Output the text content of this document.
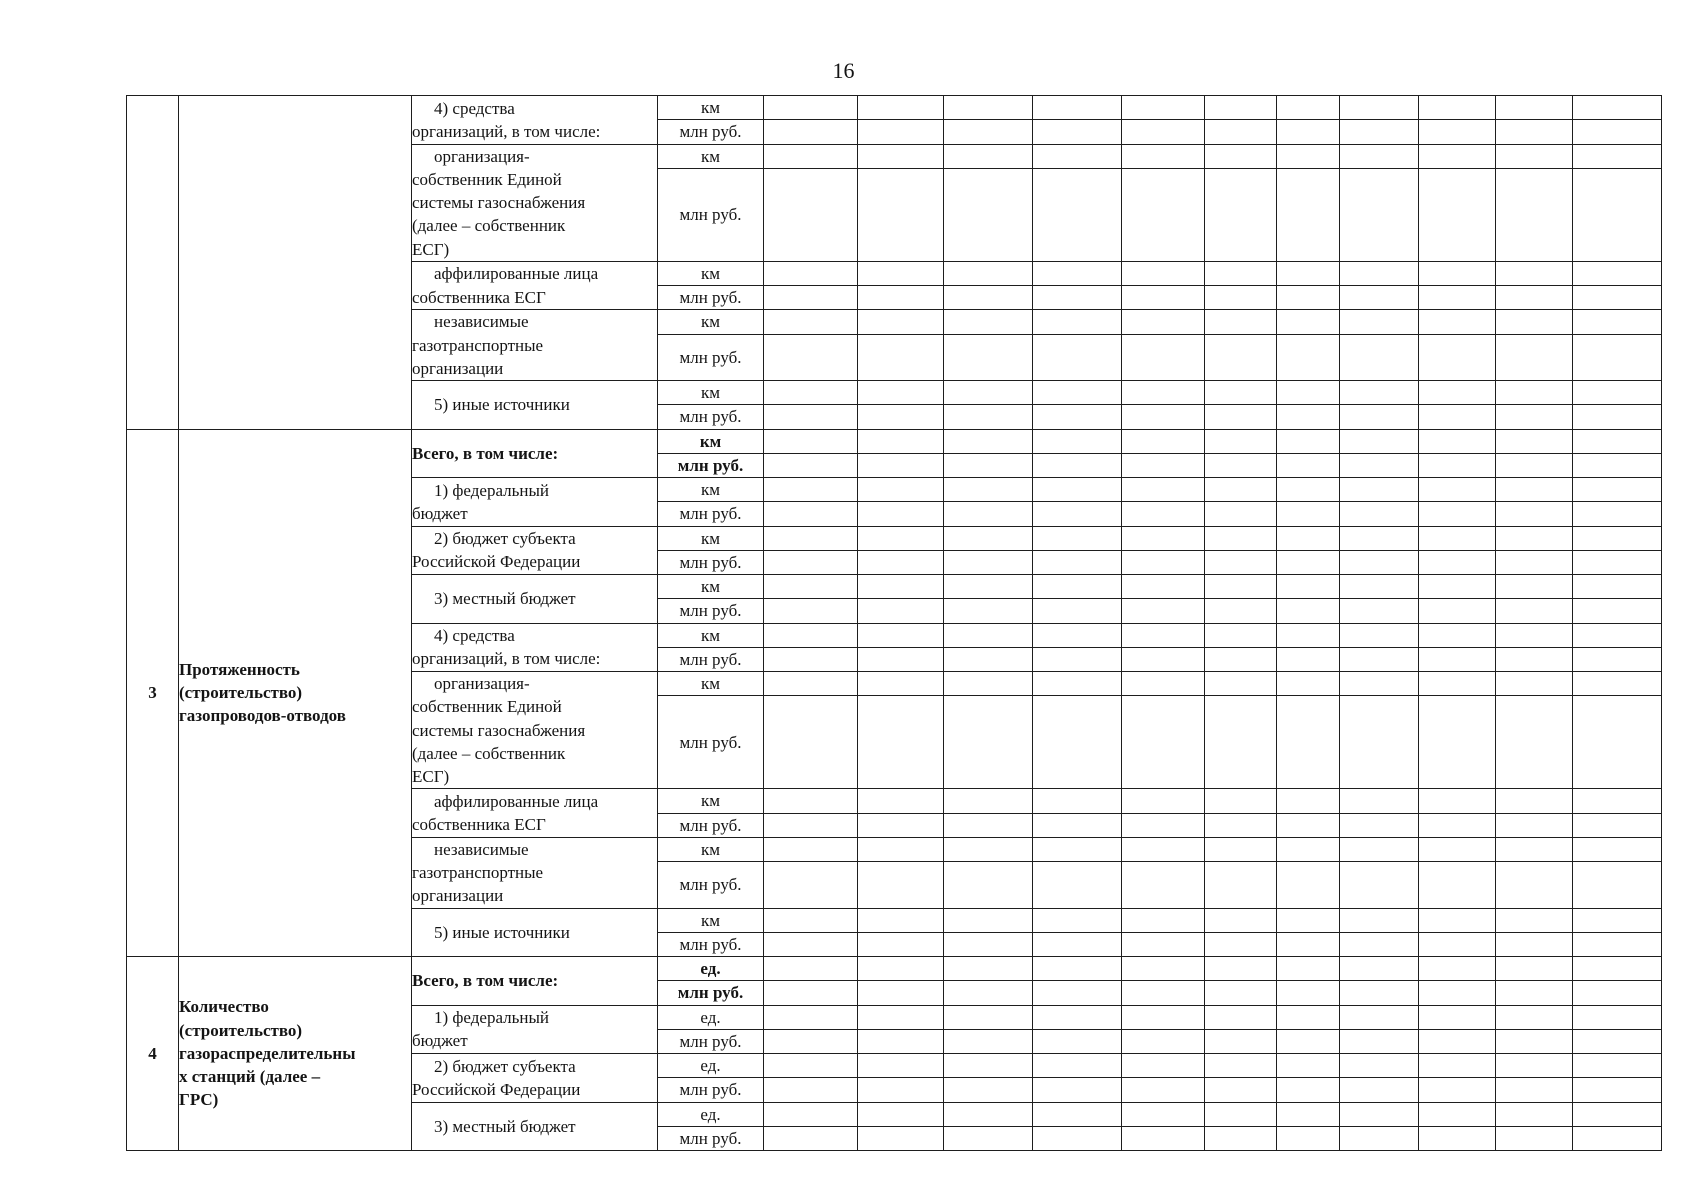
16
		4) средства
организаций, в том числе:	км											
			млн руб.											
		организация-
собственник Единой
системы газоснабжения
(далее – собственник
ЕСГ)	км											
			млн руб.											
		аффилированные лица
собственника ЕСГ	км											
			млн руб.											
		независимые
газотранспортные
организации	км											
			млн руб.											
		5) иные источники	км											
			млн руб.											
3	Протяженность
(строительство)
газопроводов-отводов	Всего, в том числе:	км											
			млн руб.											
		1) федеральный
бюджет	км											
			млн руб.											
		2) бюджет субъекта
Российской Федерации	км											
			млн руб.											
		3) местный бюджет	км											
			млн руб.											
		4) средства
организаций, в том числе:	км											
			млн руб.											
		организация-
собственник Единой
системы газоснабжения
(далее – собственник
ЕСГ)	км											
			млн руб.											
		аффилированные лица
собственника ЕСГ	км											
			млн руб.											
		независимые
газотранспортные
организации	км											
			млн руб.											
		5) иные источники	км											
			млн руб.											
4	Количество
(строительство)
газораспределительны
х станций (далее –
ГРС)	Всего, в том числе:	ед.											
			млн руб.											
		1) федеральный
бюджет	ед.											
			млн руб.											
		2) бюджет субъекта
Российской Федерации	ед.											
			млн руб.											
		3) местный бюджет	ед.											
			млн руб.											
